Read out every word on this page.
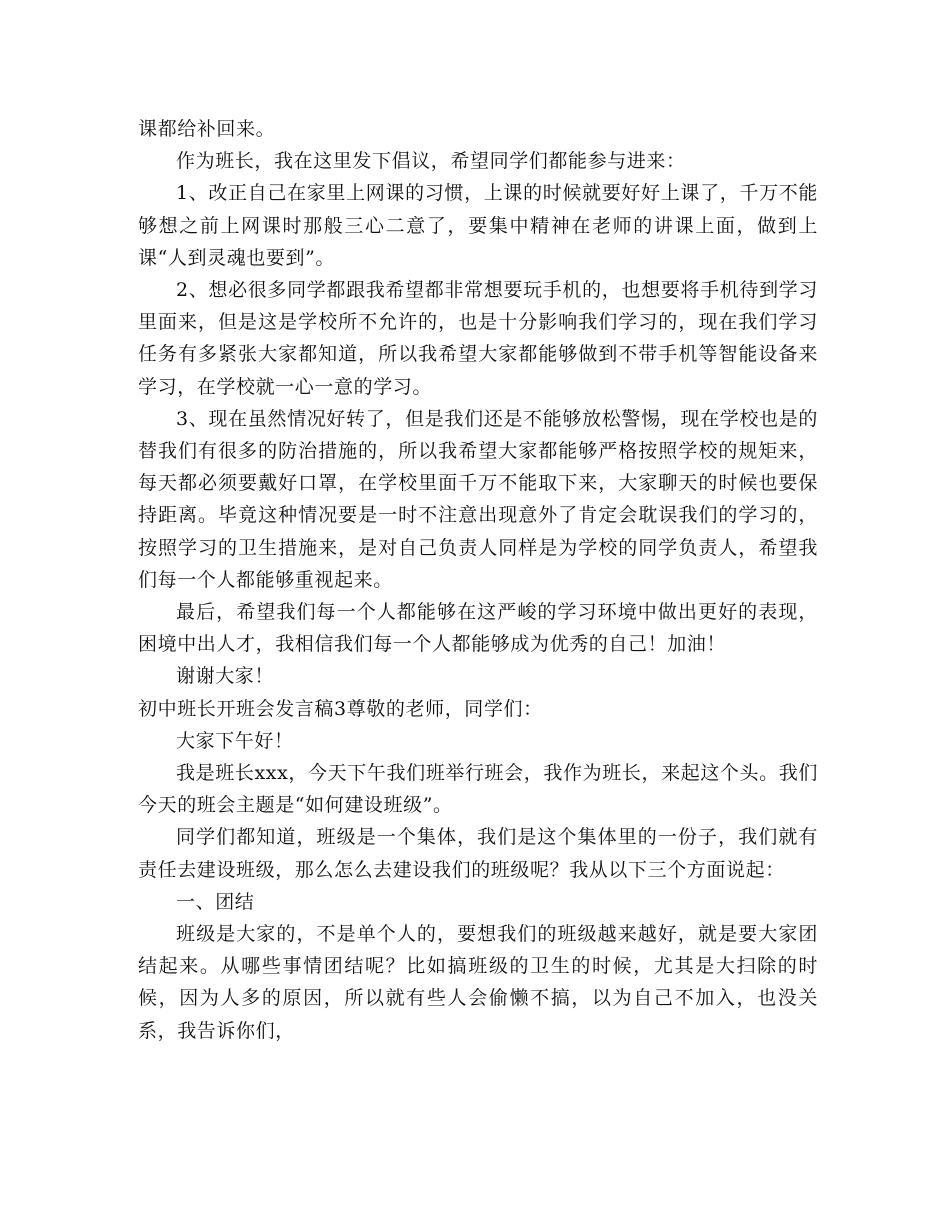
课都给补回来。

作为班长，我在这里发下倡议，希望同学们都能参与进来：

1、改正自己在家里上网课的习惯，上课的时候就要好好上课了，千万不能够想之前上网课时那般三心二意了，要集中精神在老师的讲课上面，做到上课“人到灵魂也要到”。

2、想必很多同学都跟我希望都非常想要玩手机的，也想要将手机待到学习里面来，但是这是学校所不允许的，也是十分影响我们学习的，现在我们学习任务有多紧张大家都知道，所以我希望大家都能够做到不带手机等智能设备来学习，在学校就一心一意的学习。

3、现在虽然情况好转了，但是我们还是不能够放松警惕，现在学校也是的替我们有很多的防治措施的，所以我希望大家都能够严格按照学校的规矩来，每天都必须要戴好口罩，在学校里面千万不能取下来，大家聊天的时候也要保持距离。毕竟这种情况要是一时不注意出现意外了肯定会耽误我们的学习的，按照学习的卫生措施来，是对自己负责人同样是为学校的同学负责人，希望我们每一个人都能够重视起来。

最后，希望我们每一个人都能够在这严峻的学习环境中做出更好的表现，困境中出人才，我相信我们每一个人都能够成为优秀的自己！加油！

谢谢大家！

初中班长开班会发言稿3尊敬的老师，同学们：

大家下午好！

我是班长xxx，今天下午我们班举行班会，我作为班长，来起这个头。我们今天的班会主题是“如何建设班级”。

同学们都知道，班级是一个集体，我们是这个集体里的一份子，我们就有责任去建设班级，那么怎么去建设我们的班级呢？我从以下三个方面说起：

一、团结

班级是大家的，不是单个人的，要想我们的班级越来越好，就是要大家团结起来。从哪些事情团结呢？比如搞班级的卫生的时候，尤其是大扫除的时候，因为人多的原因，所以就有些人会偷懒不搞，以为自己不加入，也没关系，我告诉你们，
